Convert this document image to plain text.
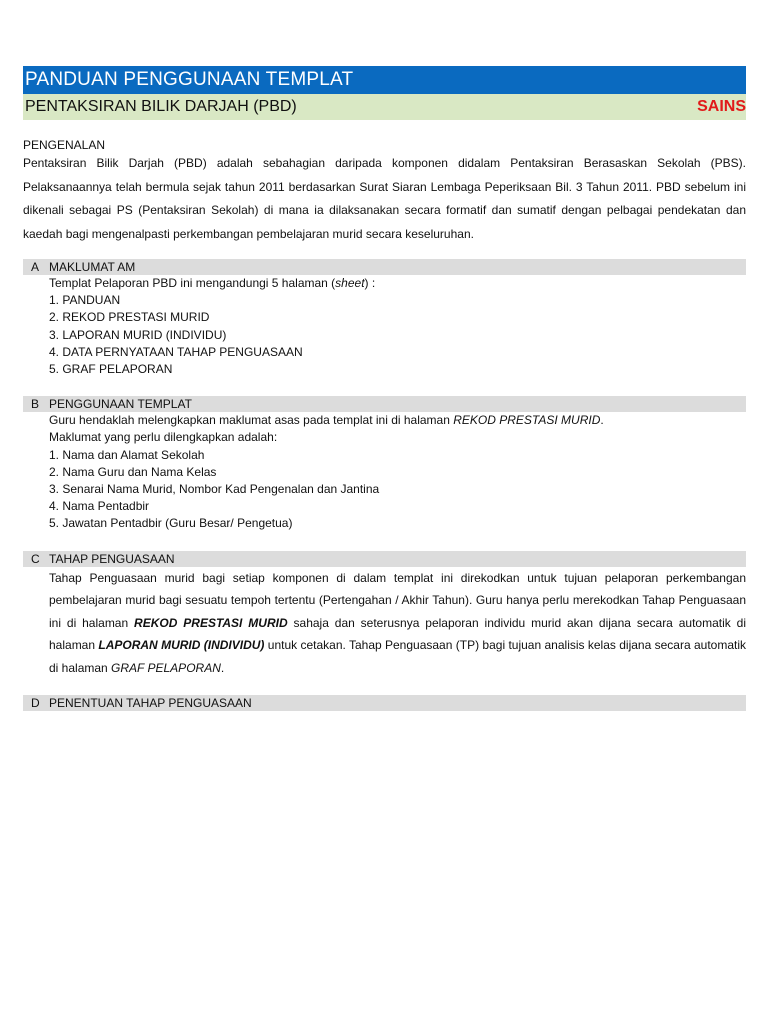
PANDUAN PENGGUNAAN TEMPLAT
PENTAKSIRAN BILIK DARJAH (PBD)	SAINS
PENGENALAN

Pentaksiran Bilik Darjah (PBD) adalah sebahagian daripada komponen didalam Pentaksiran Berasaskan Sekolah (PBS). Pelaksanaannya telah bermula sejak tahun 2011 berdasarkan Surat Siaran Lembaga Peperiksaan Bil. 3 Tahun 2011. PBD sebelum ini dikenali sebagai PS (Pentaksiran Sekolah) di mana ia dilaksanakan secara formatif dan sumatif dengan pelbagai pendekatan dan kaedah bagi mengenalpasti perkembangan pembelajaran murid secara keseluruhan.

A MAKLUMAT AM
Templat Pelaporan PBD ini mengandungi 5 halaman (sheet) :
1. PANDUAN
2. REKOD PRESTASI MURID
3. LAPORAN MURID (INDIVIDU)
4. DATA PERNYATAAN TAHAP PENGUASAAN
5. GRAF PELAPORAN
B PENGGUNAAN TEMPLAT
Guru hendaklah melengkapkan maklumat asas pada templat ini di halaman REKOD PRESTASI MURID.
Maklumat yang perlu dilengkapkan adalah:
1. Nama dan Alamat Sekolah
2. Nama Guru dan Nama Kelas
3. Senarai Nama Murid, Nombor Kad Pengenalan dan Jantina
4. Nama Pentadbir
5. Jawatan Pentadbir (Guru Besar/ Pengetua)
C TAHAP PENGUASAAN

Tahap Penguasaan murid bagi setiap komponen di dalam templat ini direkodkan untuk tujuan pelaporan perkembangan pembelajaran murid bagi sesuatu tempoh tertentu (Pertengahan / Akhir Tahun). Guru hanya perlu merekodkan Tahap Penguasaan ini di halaman REKOD PRESTASI MURID sahaja dan seterusnya pelaporan individu murid akan dijana secara automatik di halaman LAPORAN MURID (INDIVIDU) untuk cetakan. Tahap Penguasaan (TP) bagi tujuan analisis kelas dijana secara automatik di halaman GRAF PELAPORAN.

D PENENTUAN TAHAP PENGUASAAN
